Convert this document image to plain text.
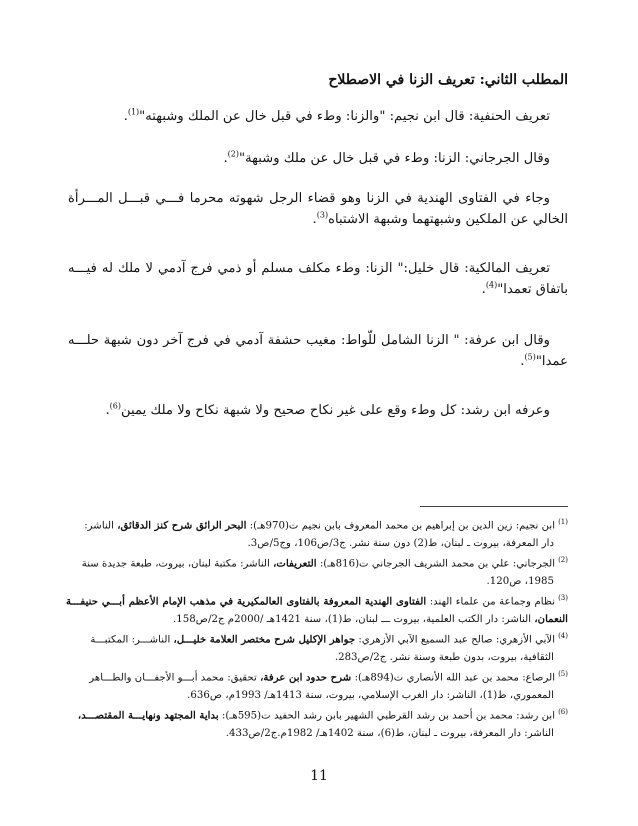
المطلب الثاني: تعريف الزنا في الاصطلاح

تعريف الحنفية: قال ابن نجيم: "والزنا: وطء في قبل خال عن الملك وشبهته"$^{(1)}$.

وقال الجرجاني: الزنا: وطء في قبل خال عن ملك وشبهة"$^{(2)}$.

وجاء في الفتاوى الهندية في الزنا وهو قضاء الرجل شهوته محرما فـــي قبـــل المـــرأة الخالي عن الملكين وشبهتهما وشبهة الاشتباه$^{(3)}$.

تعريف المالكية: قال خليل:" الزنا: وطء مكلف مسلم أو ذمي فرج آدمي لا ملك له فيـــه باتفاق تعمدا"$^{(4)}$.

وقال ابن عرفة: " الزنا الشامل للّواط: مغيب حشفة آدمي في فرج آخر دون شبهة حلـــه عمدا"$^{(5)}$.

وعرفه ابن رشد: كل وطء وقع على غير نكاح صحيح ولا شبهة نكاح ولا ملك يمين$^{(6)}$.

$^{(1)}$ابن نجيم: زين الدين بن إبراهيم بن محمد المعروف بابن نجيم ت(970هـ): البحر الرائق شرح كنز الدقائق، الناشر:
دار المعرفة، بيروت ـ لبنان، ط(2) دون سنة نشر. ج3/ص106، وج5/ص3.
$^{(2)}$الجرجاني: علي بن محمد الشريف الجرجاني ت(816هـ): التعريفات، الناشر: مكتبة لبنان، بيروت، طبعة جديدة سنة
1985، ص120.
$^{(3)}$نظام وجماعة من علماء الهند: الفتاوى الهندية المعروفة بالفتاوى العالمكيرية في مذهب الإمام الأعظم أبـــي حنيفـــة النعمان، الناشر: دار الكتب العلمية، بيروت ـــ لبنان، ط(1)، سنة 1421هـ /2000م ج2/ص158.
$^{(4)}$الآبي الأزهري: صالح عبد السميع الآبي الأزهري: جواهر الإكليل شرح مختصر العلامة خليـــل، الناشـــر: المكتبـــة
الثقافية، بيروت، بدون طبعة وسنة نشر. ج2/ص283.
$^{(5)}$الرصاع: محمد بن عبد الله الأنصاري ت(894هـ): شرح حدود ابن عرفة، تحقيق: محمد أبـــو الأجفـــان والطـــاهر
المعموري، ط(1)، الناشر: دار الغرب الإسلامي، بيروت، سنة 1413هـ/ 1993م، ص636.
$^{(6)}$ابن رشد: محمد بن أحمد بن رشد القرطبي الشهير بابن رشد الحفيد ت(595هـ): بداية المجتهد ونهايـــة المقتصـــد،
الناشر: دار المعرفة، بيروت ـ لبنان، ط(6)، سنة 1402هـ/ 1982م.ج2/ص433.
11
